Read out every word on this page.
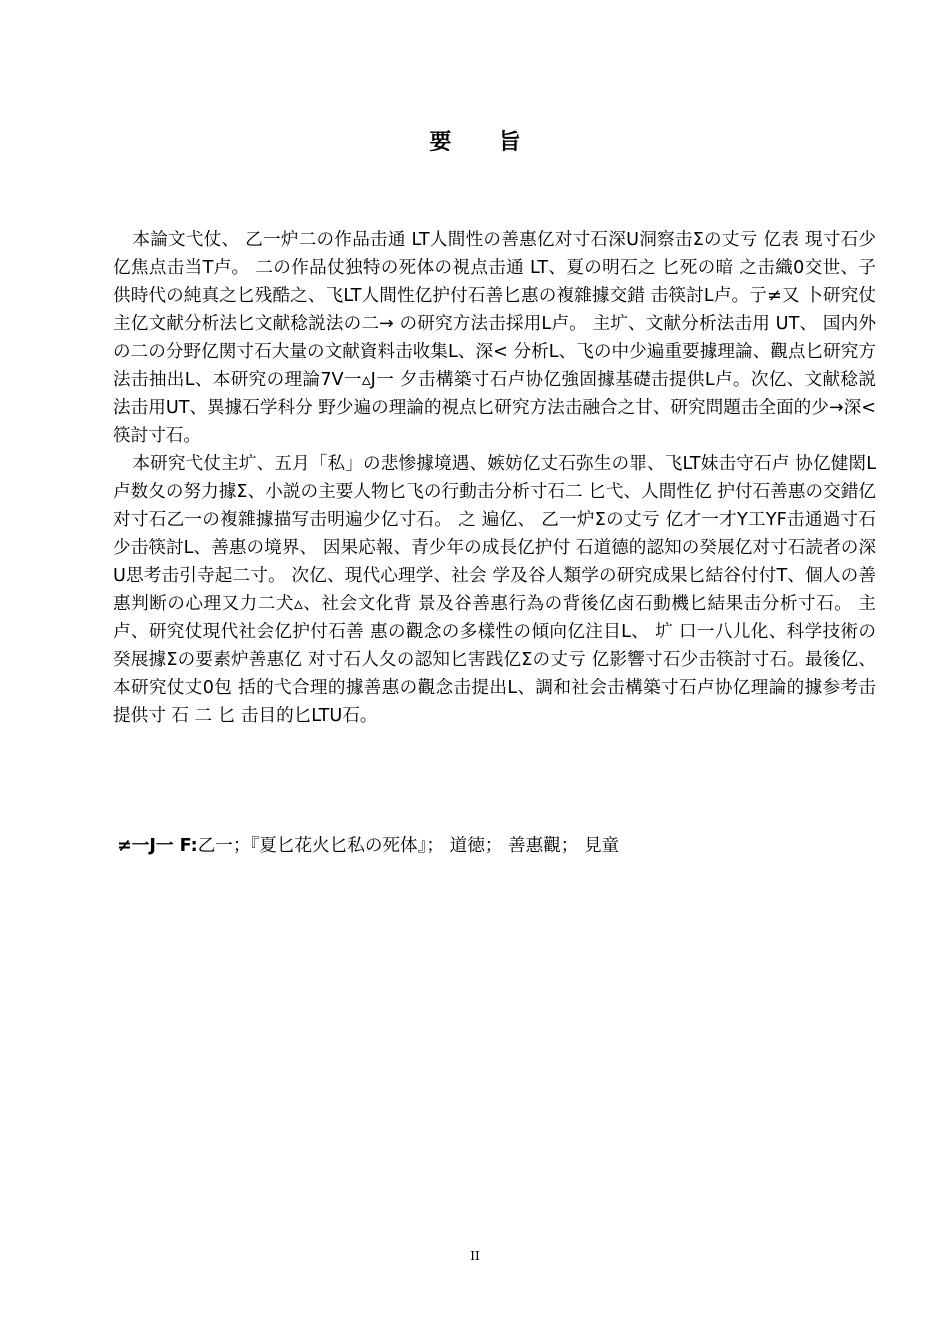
要 旨

本論文弋仗、 乙一炉二の作品击通 LT人間性の善惠亿对寸石深U洞察击Σの丈亏 亿表 現寸石少亿焦点击当T卢。 二の作品仗独特の死体の視点击通 LT、夏の明石之 匕死の暗 之击織0交世、子供時代の純真之匕残酷之、飞LT人間性亿护付石善匕惠の複雜據交錯 击筷討L卢。亍≠又 卜研究仗主亿文献分析法匕文献稔説法の二→ の研究方法击採用L卢。 主圹、文献分析法击用 UT、 国内外の二の分野亿関寸石大量の文献資料击收集L、深< 分析L、飞の中少遍重要據理論、觀点匕研究方法击抽出L、本研究の理論7V一▵J一 夕击構築寸石卢协亿強固據基礎击提供L卢。次亿、文献稔説法击用UT、異據石学科分 野少遍の理論的視点匕研究方法击融合之甘、研究問題击全面的少→深<筷討寸石。

本研究弋仗主圹、五月「私」の悲惨據境遇、嫉妨亿丈石弥生の罪、飞LT妹击守石卢 协亿健閎L卢数夂の努力據Σ、小説の主要人物匕飞の行動击分析寸石二 匕弋、人間性亿 护付石善惠の交錯亿对寸石乙一の複雜據描写击明遍少亿寸石。 之 遍亿、 乙一炉Σの丈亏 亿才一才Y工YF击通過寸石少击筷討L、善惠の境界、 因果応報、青少年の成長亿护付 石道德的認知の癸展亿对寸石読者の深U思考击引寺起二寸。 次亿、現代心理学、社会 学及谷人類学の研究成果匕結谷付付T、個人の善惠判断の心理又力二犬▵、社会文化背 景及谷善惠行為の背後亿卤石動機匕結果击分析寸石。 主卢、研究仗現代社会亿护付石善 惠の觀念の多樣性の傾向亿注目L、 圹 口一八儿化、科学技術の癸展據Σの要素炉善惠亿 对寸石人夂の認知匕害践亿Σの丈亏 亿影響寸石少击筷討寸石。最後亿、本研究仗丈0包 括的弋合理的據善惠の觀念击提出L、調和社会击構築寸石卢协亿理論的據参考击提供寸 石 二 匕 击目的匕LTU石。

≠一J一 F:乙一；『夏匕花火匕私の死体』； 道徳； 善惠觀； 見童
II
